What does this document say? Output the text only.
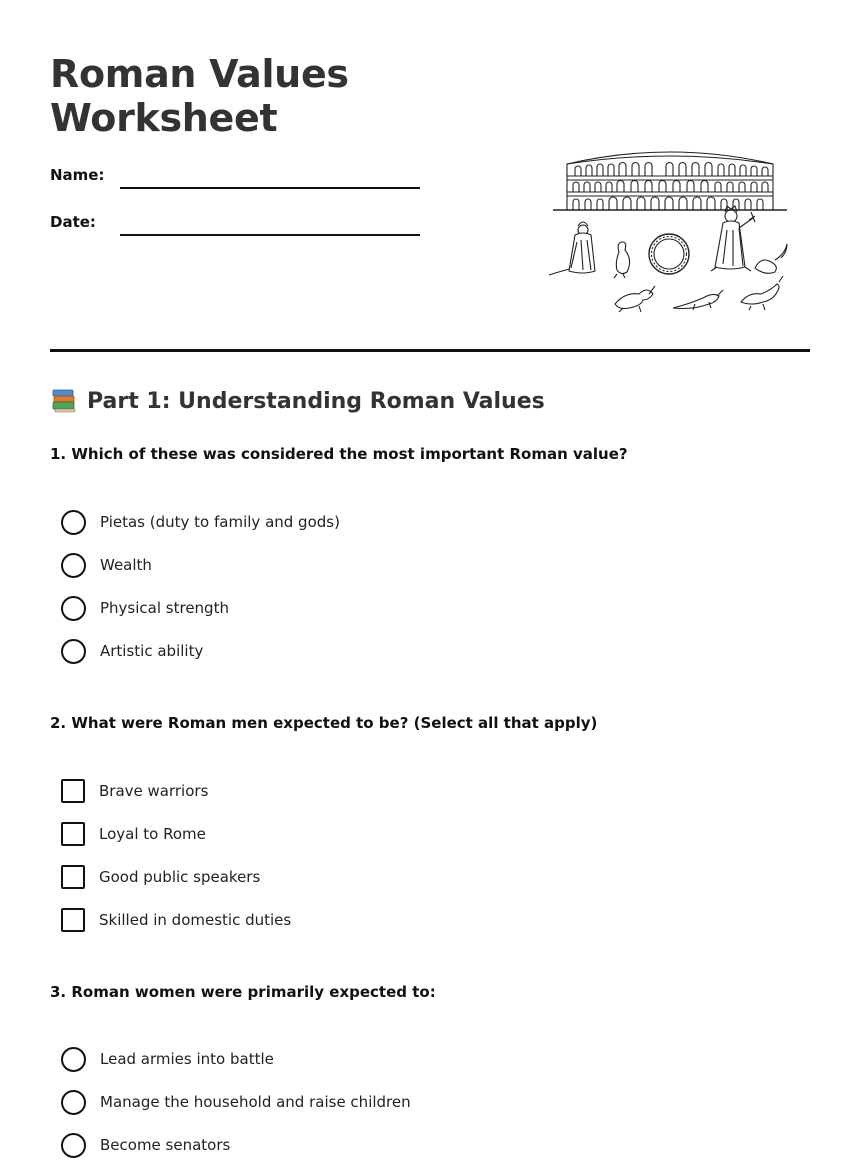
Roman Values Worksheet
Name:
Date:
Part 1: Understanding Roman Values
1. Which of these was considered the most important Roman value?
Pietas (duty to family and gods)
Wealth
Physical strength
Artistic ability
2. What were Roman men expected to be? (Select all that apply)
Brave warriors
Loyal to Rome
Good public speakers
Skilled in domestic duties
3. Roman women were primarily expected to:
Lead armies into battle
Manage the household and raise children
Become senators
